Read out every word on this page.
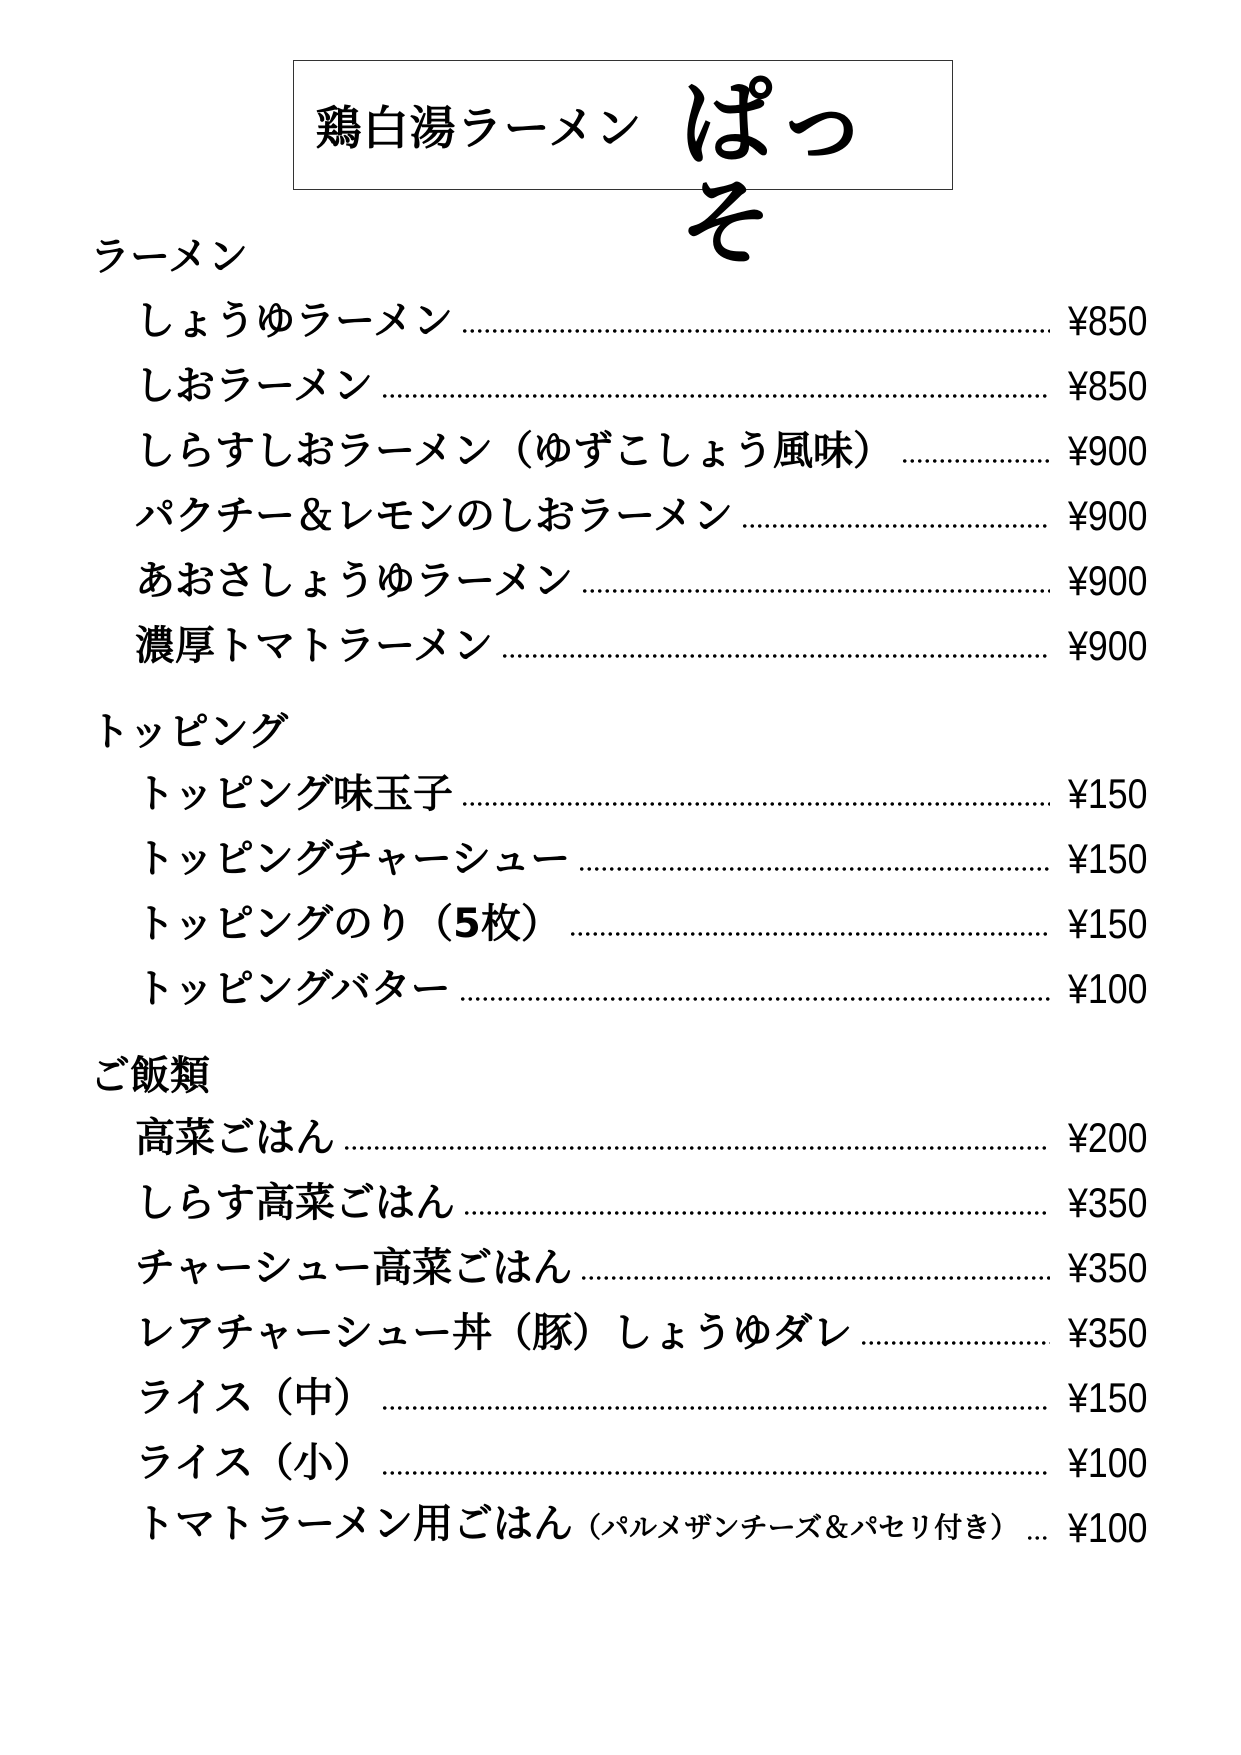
鶏白湯ラーメン ぱっそ
ラーメン
しょうゆラーメン	¥850
しおラーメン	¥850
しらすしおラーメン（ゆずこしょう風味）	¥900
パクチー＆レモンのしおラーメン	¥900
あおさしょうゆラーメン	¥900
濃厚トマトラーメン	¥900
トッピング
トッピング味玉子	¥150
トッピングチャーシュー	¥150
トッピングのり（5枚）	¥150
トッピングバター	¥100
ご飯類
高菜ごはん	¥200
しらす高菜ごはん	¥350
チャーシュー高菜ごはん	¥350
レアチャーシュー丼（豚）しょうゆダレ	¥350
ライス（中）	¥150
ライス（小）	¥100
トマトラーメン用ごはん（パルメザンチーズ＆パセリ付き） ¥100
